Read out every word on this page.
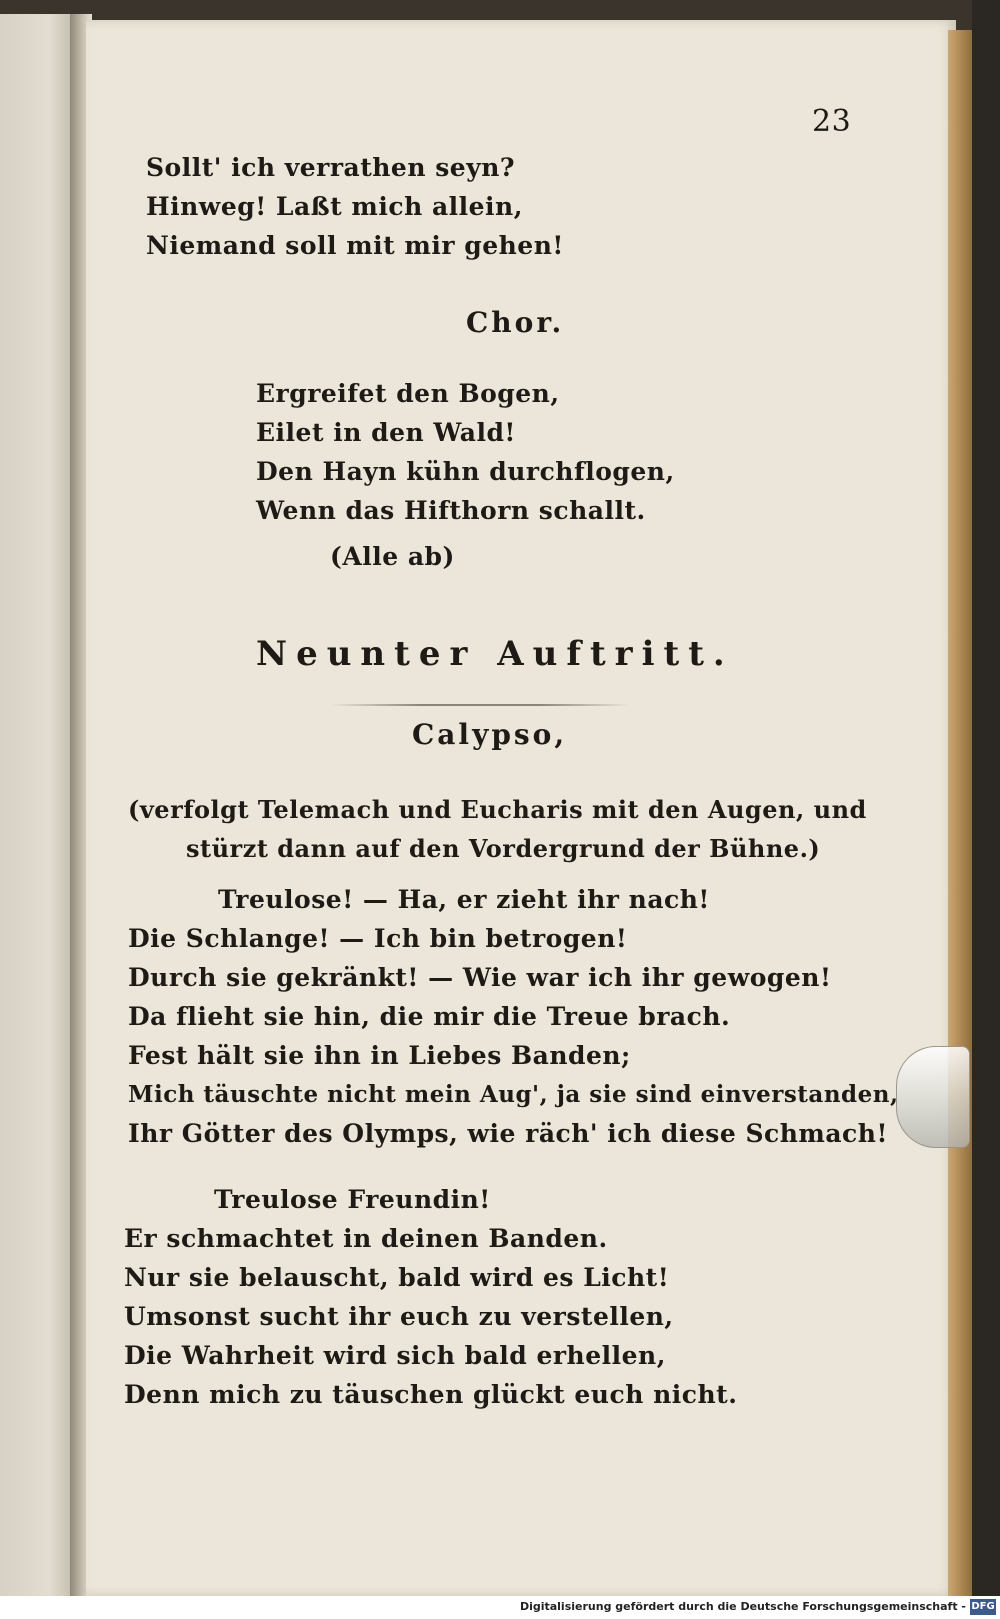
23
Sollt' ich verrathen seyn?
Hinweg! Laßt mich allein,
Niemand soll mit mir gehen!
Chor.
Ergreifet den Bogen,
Eilet in den Wald!
Den Hayn kühn durchflogen,
Wenn das Hifthorn schallt.
(Alle ab)
Neunter Auftritt.
Calypso,
(verfolgt Telemach und Eucharis mit den Augen, und
stürzt dann auf den Vordergrund der Bühne.)
Treulose! — Ha, er zieht ihr nach!
Die Schlange! — Ich bin betrogen!
Durch sie gekränkt! — Wie war ich ihr gewogen!
Da flieht sie hin, die mir die Treue brach.
Fest hält sie ihn in Liebes Banden;
Mich täuschte nicht mein Aug', ja sie sind einverstanden,
Ihr Götter des Olymps, wie räch' ich diese Schmach!
Treulose Freundin!
Er schmachtet in deinen Banden.
Nur sie belauscht, bald wird es Licht!
Umsonst sucht ihr euch zu verstellen,
Die Wahrheit wird sich bald erhellen,
Denn mich zu täuschen glückt euch nicht.
Digitalisierung gefördert durch die Deutsche Forschungsgemeinschaft - DFG
